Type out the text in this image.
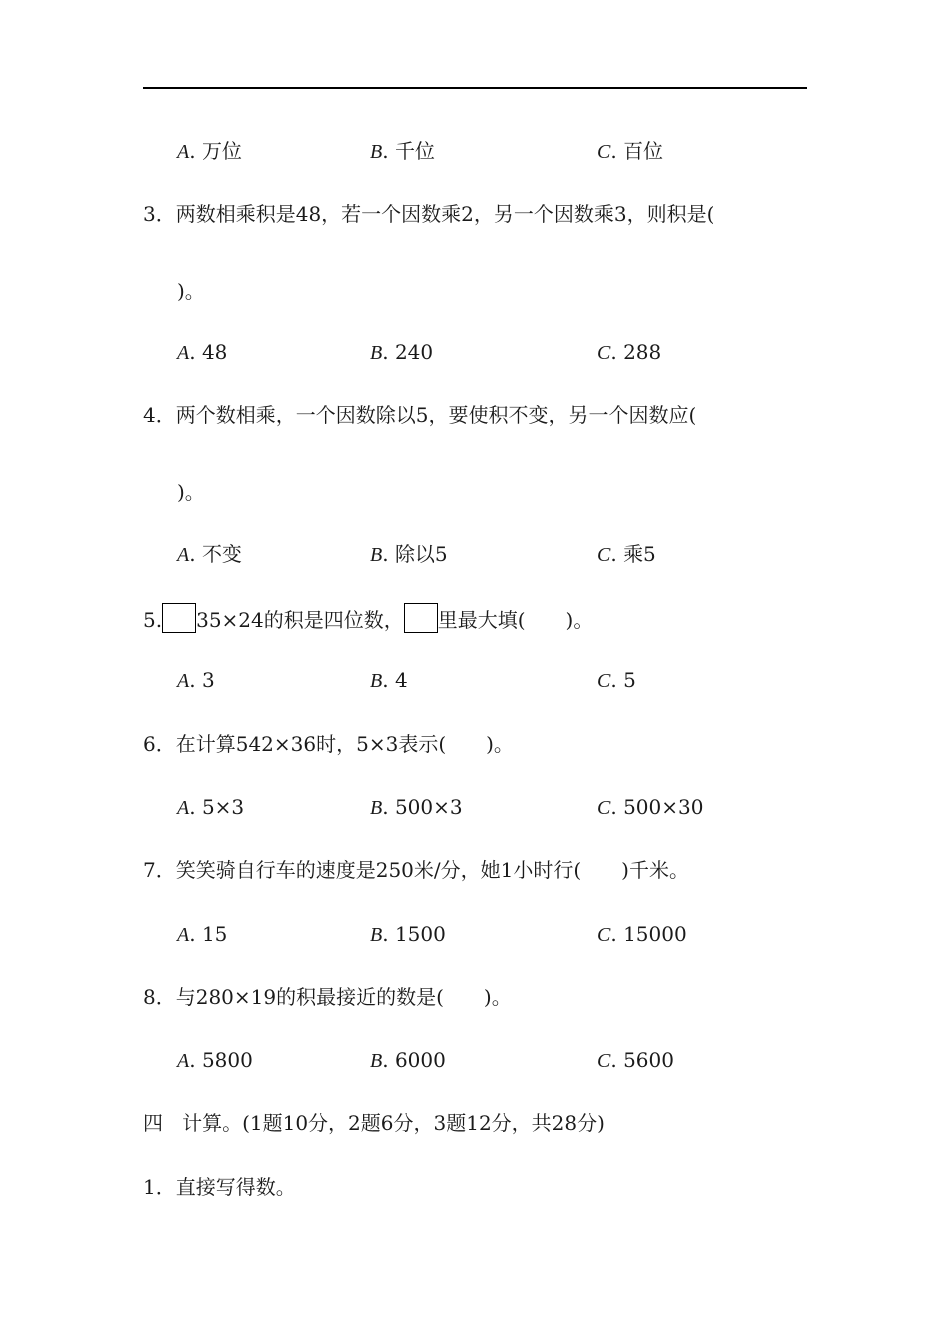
A. 万位	B. 千位	C. 百位
3．两数相乘积是48，若一个因数乘2，另一个因数乘3，则积是(
)。
A. 48	B. 240	C. 288
4．两个数相乘，一个因数除以5，要使积不变，另一个因数应(
)。
A. 不变	B. 除以5	C. 乘5
5. 35×24的积是四位数， 里最大填(　　)。
A. 3	B. 4	C. 5
6．在计算542×36时，5×3表示(　　)。
A. 5×3	B. 500×3	C. 500×30
7．笑笑骑自行车的速度是250米/分，她1小时行(　　)千米。
A. 15	B. 1500	C. 15000
8．与280×19的积最接近的数是(　　)。
A. 5800	B. 6000	C. 5600
四 计算。(1题10分，2题6分，3题12分，共28分)
1．直接写得数。
